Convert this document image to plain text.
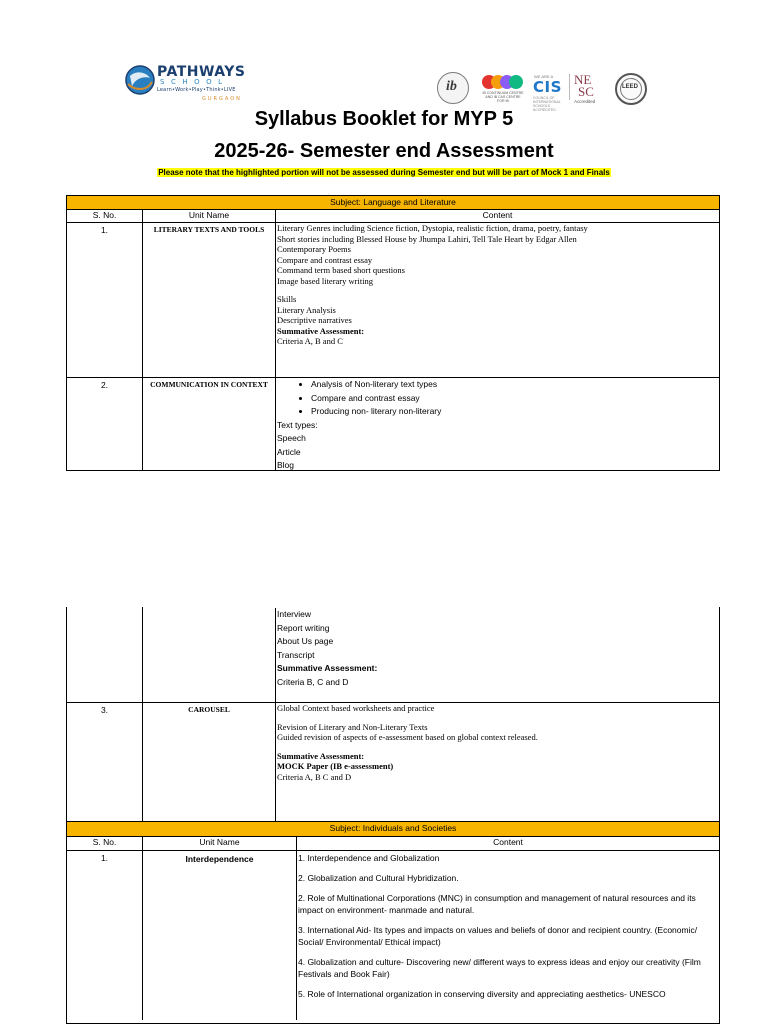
PATHWAYS
SCHOOL
Learn•Work•Play•Think•LIVE
GURGAON
ib	IB CONTINUUM CENTRE AND IB CAS CENTRE FOR IB
WE ARE A
CIS
COUNCIL OF INTERNATIONAL SCHOOLS ACCREDITED
NE
SC
Accredited
LEED
Syllabus Booklet for MYP 5
2025-26- Semester end Assessment
Please note that the highlighted portion will not be assessed during Semester end but will be part of Mock 1 and Finals
Subject: Language and Literature
S. No.	Unit Name	Content
1.	LITERARY TEXTS AND TOOLS	Literary Genres including Science fiction, Dystopia, realistic fiction, drama, poetry, fantasy
Short stories including Blessed House by Jhumpa Lahiri, Tell Tale Heart by Edgar Allen
Contemporary Poems
Compare and contrast essay
Command term based short questions
Image based literary writing
Skills
Literary Analysis
Descriptive narratives
Summative Assessment:
Criteria A, B and C
2.	COMMUNICATION IN CONTEXT
•	Analysis of Non-literary text types
• Compare and contrast essay
• Producing non- literary non-literary
Text types:
Speech
Article
Blog
Interview
Report writing
About Us page
Transcript
Summative Assessment:
Criteria B, C and D
3.	CAROUSEL	Global Context based worksheets and practice
Revision of Literary and Non-Literary Texts
Guided revision of aspects of e-assessment based on global context released.
Summative Assessment:
MOCK Paper (IB e-assessment)
Criteria A, B C and D
Subject: Individuals and Societies
S. No.	Unit Name	Content
1.	Interdependence	1. Interdependence and Globalization
2. Globalization and Cultural Hybridization.
2. Role of Multinational Corporations (MNC) in consumption and management of natural resources and its impact on environment- manmade and natural.
3. International Aid- Its types and impacts on values and beliefs of donor and recipient country. (Economic/ Social/ Environmental/ Ethical impact)
4. Globalization and culture- Discovering new/ different ways to express ideas and enjoy our creativity (Film Festivals and Book Fair)
5. Role of International organization in conserving diversity and appreciating aesthetics- UNESCO
